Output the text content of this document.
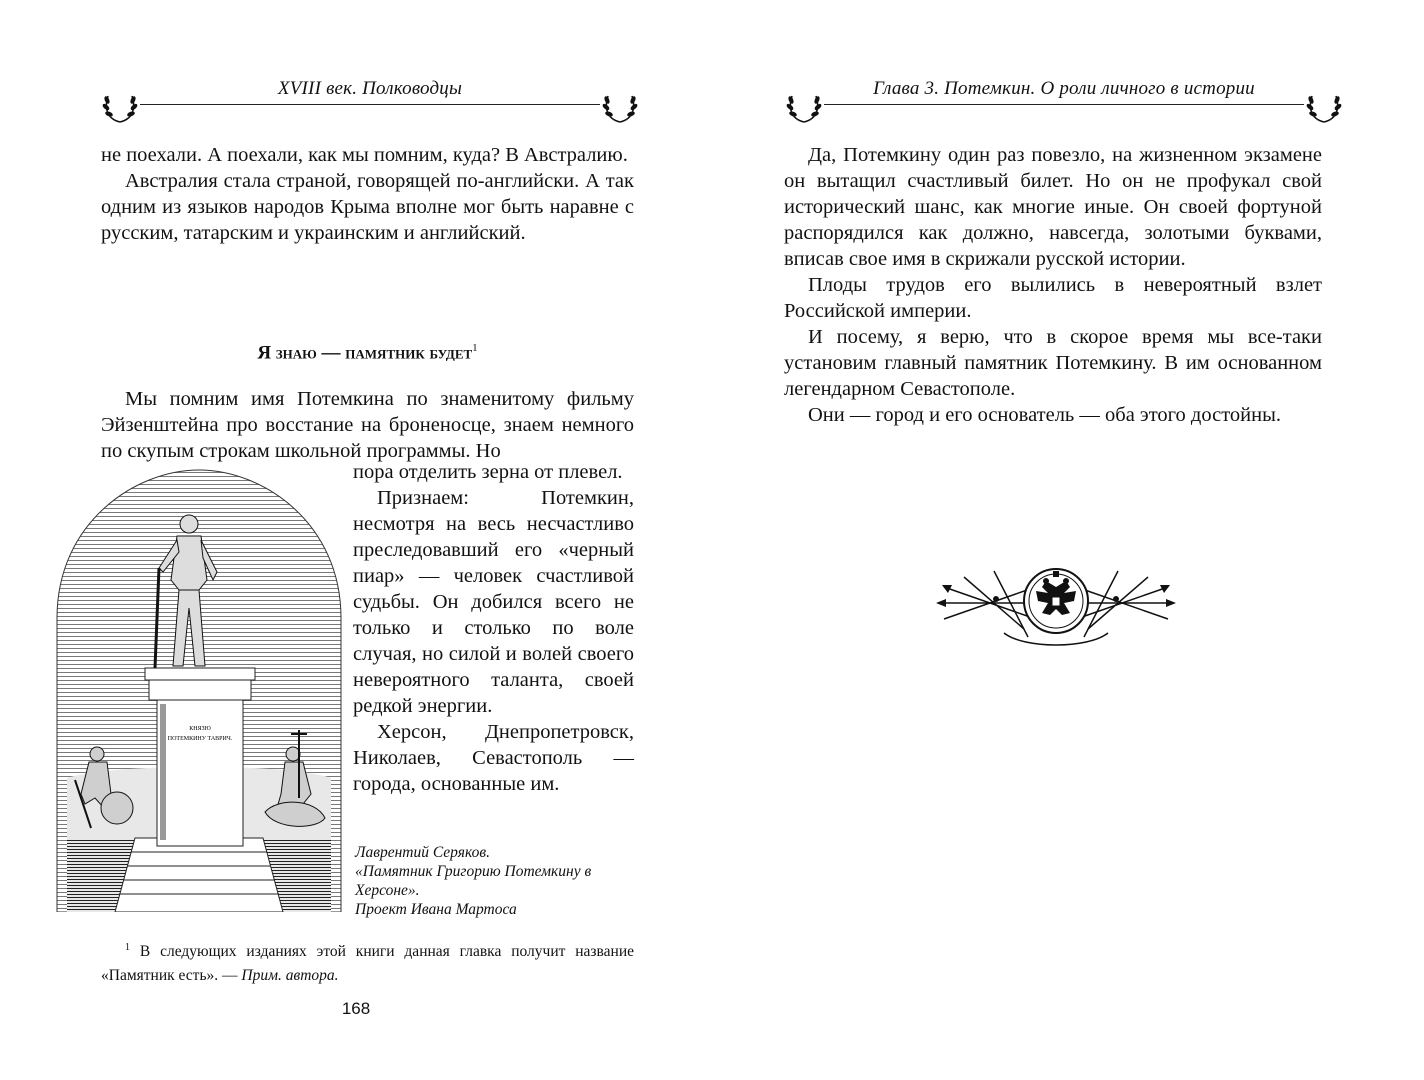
XVIII век. Полководцы

не поехали. А поехали, как мы помним, куда? В Австралию.

Австралия стала страной, говорящей по-английски. А так одним из языков народов Крыма вполне мог быть наравне с русским, татарским и украинским и английский.

Я знаю — памятник будет$^1$

Мы помним имя Потемкина по знаменитому фильму Эйзенштейна про восстание на броненосце, знаем немного по скупым строкам школьной программы. Но

КНЯЗЮ
ПОТЕМКИНУ ТАВРИЧ.

пора отделить зерна от плевел.

Признаем: Потемкин, несмотря на весь несчастливо преследовавший его «черный пиар» — человек счастливой судьбы. Он добился всего не только и столько по воле случая, но силой и волей своего невероятного таланта, своей редкой энергии.

Херсон, Днепропетровск, Николаев, Севастополь — города, основанные им.

Лаврентий Серяков.
«Памятник Григорию Потемкину в Херсоне».
Проект Ивана Мартоса

$^1$ В следующих изданиях этой книги данная главка получит название «Памятник есть». — Прим. автора.

168
Глава 3. Потемкин. О роли личного в истории

Да, Потемкину один раз повезло, на жизненном экзамене он вытащил счастливый билет. Но он не профукал свой исторический шанс, как многие иные. Он своей фортуной распорядился как должно, навсегда, золотыми буквами, вписав свое имя в скрижали русской истории.

Плоды трудов его вылились в невероятный взлет Российской империи.

И посему, я верю, что в скорое время мы все-таки установим главный памятник Потемкину. В им основанном легендарном Севастополе.

Они — город и его основатель — оба этого достойны.
